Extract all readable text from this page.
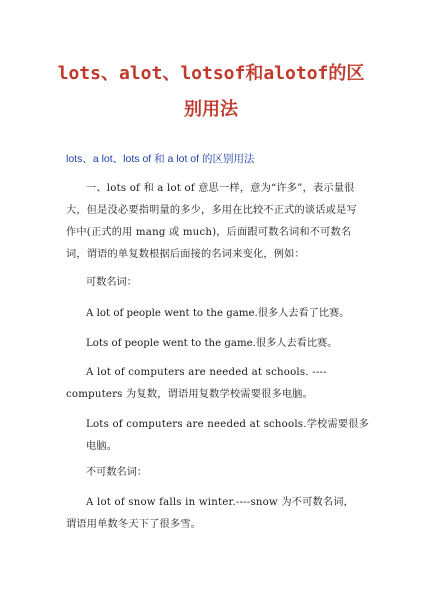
lots、alot、lotsof和alotof的区别用法
lots、a lot、lots of 和 a lot of 的区别用法
一、lots of 和 a lot of 意思一样，意为“许多”，表示量很大，但是没必要指明量的多少，多用在比较不正式的谈话或是写作中(正式的用 mang 或 much)，后面跟可数名词和不可数名词，谓语的单复数根据后面接的名词来变化，例如：
可数名词：
A lot of people went to the game.很多人去看了比赛。
Lots of people went to the game.很多人去看比赛。
A lot of computers are needed at schools. ---- computers 为复数，谓语用复数学校需要很多电脑。
Lots of computers are needed at schools.学校需要很多电脑。
不可数名词：
A lot of snow falls in winter.----snow 为不可数名词，谓语用单数冬天下了很多雪。
